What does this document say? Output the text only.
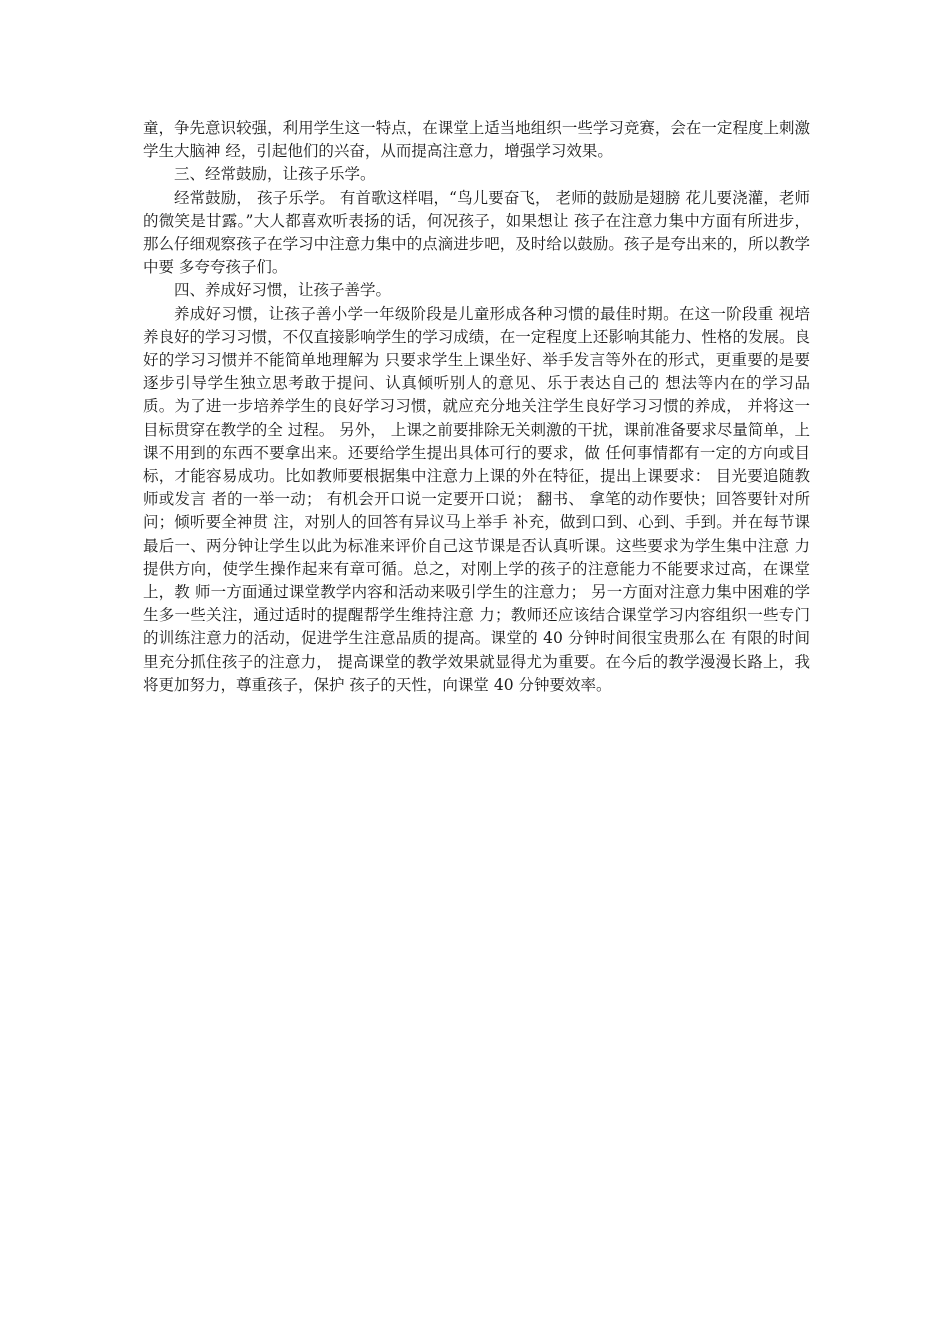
童，争先意识较强，利用学生这一特点，在课堂上适当地组织一些学习竞赛，会在一定程度上刺激学生大脑神 经，引起他们的兴奋，从而提高注意力，增强学习效果。

三、经常鼓励，让孩子乐学。

经常鼓励， 孩子乐学。 有首歌这样唱，“鸟儿要奋飞， 老师的鼓励是翅膀 花儿要浇灌，老师的微笑是甘露。”大人都喜欢听表扬的话，何况孩子，如果想让 孩子在注意力集中方面有所进步， 那么仔细观察孩子在学习中注意力集中的点滴进步吧，及时给以鼓励。孩子是夸出来的，所以教学中要 多夸夸孩子们。

四、养成好习惯，让孩子善学。

养成好习惯，让孩子善小学一年级阶段是儿童形成各种习惯的最佳时期。在这一阶段重 视培养良好的学习习惯，不仅直接影响学生的学习成绩，在一定程度上还影响其能力、性格的发展。良好的学习习惯并不能简单地理解为 只要求学生上课坐好、举手发言等外在的形式，更重要的是要逐步引导学生独立思考敢于提问、认真倾听别人的意见、乐于表达自己的 想法等内在的学习品质。为了进一步培养学生的良好学习习惯，就应充分地关注学生良好学习习惯的养成， 并将这一目标贯穿在教学的全 过程。 另外， 上课之前要排除无关刺激的干扰，课前准备要求尽量简单，上课不用到的东西不要拿出来。还要给学生提出具体可行的要求，做 任何事情都有一定的方向或目标，才能容易成功。比如教师要根据集中注意力上课的外在特征，提出上课要求： 目光要追随教师或发言 者的一举一动； 有机会开口说一定要开口说； 翻书、 拿笔的动作要快；回答要针对所问；倾听要全神贯 注，对别人的回答有异议马上举手 补充，做到口到、心到、手到。并在每节课最后一、两分钟让学生以此为标准来评价自己这节课是否认真听课。这些要求为学生集中注意 力提供方向，使学生操作起来有章可循。总之，对刚上学的孩子的注意能力不能要求过高，在课堂上，教 师一方面通过课堂教学内容和活动来吸引学生的注意力； 另一方面对注意力集中困难的学生多一些关注，通过适时的提醒帮学生维持注意 力；教师还应该结合课堂学习内容组织一些专门的训练注意力的活动，促进学生注意品质的提高。课堂的 40 分钟时间很宝贵那么在 有限的时间里充分抓住孩子的注意力， 提高课堂的教学效果就显得尤为重要。在今后的教学漫漫长路上，我将更加努力，尊重孩子，保护 孩子的天性，向课堂 40 分钟要效率。
